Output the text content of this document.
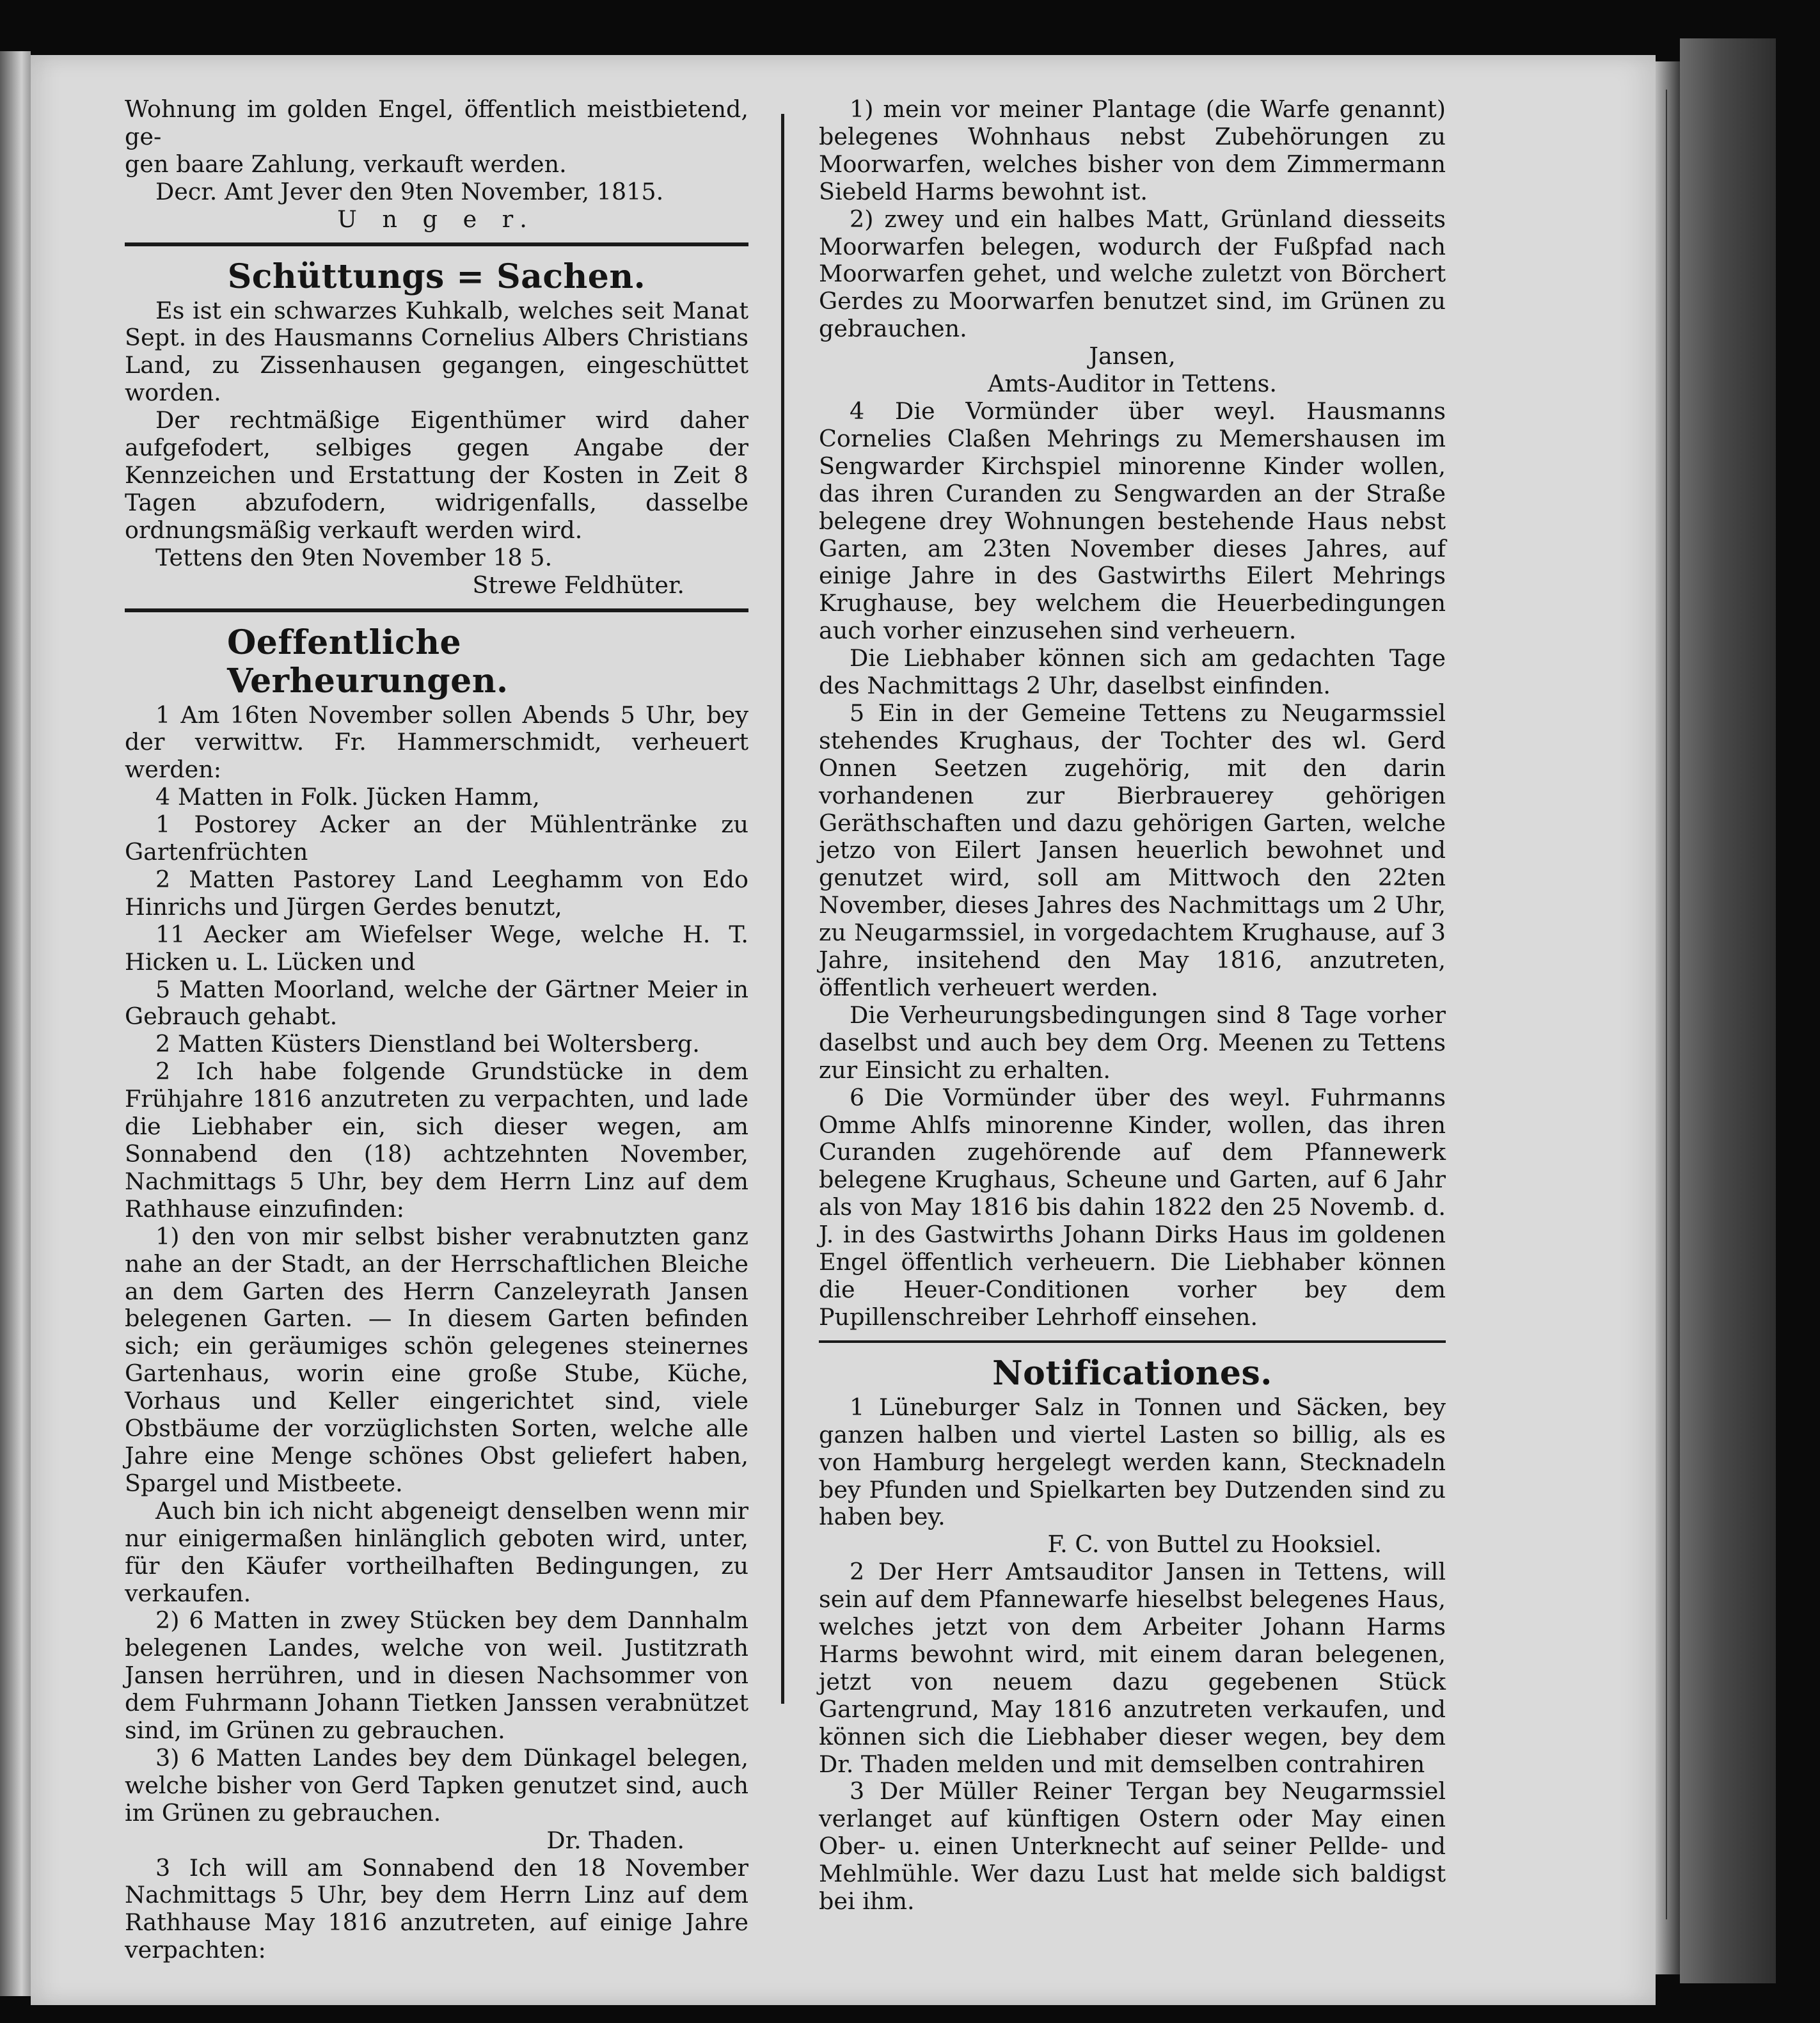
Wohnung im golden Engel, öffentlich meistbietend, ge-

gen baare Zahlung, verkauft werden.

Decr. Amt Jever den 9ten November, 1815.

U n g e r.

Schüttungs = Sachen.

Es ist ein schwarzes Kuhkalb, welches seit Manat Sept. in des Hausmanns Cornelius Albers Christians Land, zu Zissenhausen gegangen, eingeschüttet worden.

Der rechtmäßige Eigenthümer wird daher aufgefodert, selbiges gegen Angabe der Kennzeichen und Erstattung der Kosten in Zeit 8 Tagen abzufodern, widrigenfalls, dasselbe ordnungsmäßig verkauft werden wird.

Tettens den 9ten November 18 5.

Strewe Feldhüter.

Oeffentliche Verheurungen.

1 Am 16ten November sollen Abends 5 Uhr, bey der verwittw. Fr. Hammerschmidt, verheuert werden:

4 Matten in Folk. Jücken Hamm,

1 Postorey Acker an der Mühlentränke zu Gartenfrüchten

2 Matten Pastorey Land Leeghamm von Edo Hinrichs und Jürgen Gerdes benutzt,

11 Aecker am Wiefelser Wege, welche H. T. Hicken u. L. Lücken und

5 Matten Moorland, welche der Gärtner Meier in Gebrauch gehabt.

2 Matten Küsters Dienstland bei Woltersberg.

2 Ich habe folgende Grundstücke in dem Frühjahre 1816 anzutreten zu verpachten, und lade die Liebhaber ein, sich dieser wegen, am Sonnabend den (18) achtzehnten November, Nachmittags 5 Uhr, bey dem Herrn Linz auf dem Rathhause einzufinden:

1) den von mir selbst bisher verabnutzten ganz nahe an der Stadt, an der Herrschaftlichen Bleiche an dem Garten des Herrn Canzeleyrath Jansen belegenen Garten. — In diesem Garten befinden sich; ein geräumiges schön gelegenes steinernes Gartenhaus, worin eine große Stube, Küche, Vorhaus und Keller eingerichtet sind, viele Obstbäume der vorzüglichsten Sorten, welche alle Jahre eine Menge schönes Obst geliefert haben, Spargel und Mistbeete.

Auch bin ich nicht abgeneigt denselben wenn mir nur einigermaßen hinlänglich geboten wird, unter, für den Käufer vortheilhaften Bedingungen, zu verkaufen.

2) 6 Matten in zwey Stücken bey dem Dannhalm belegenen Landes, welche von weil. Justitzrath Jansen herrühren, und in diesen Nachsommer von dem Fuhrmann Johann Tietken Janssen verabnützet sind, im Grünen zu gebrauchen.

3) 6 Matten Landes bey dem Dünkagel belegen, welche bisher von Gerd Tapken genutzet sind, auch im Grünen zu gebrauchen.

Dr. Thaden.

3 Ich will am Sonnabend den 18 November Nachmittags 5 Uhr, bey dem Herrn Linz auf dem Rathhause May 1816 anzutreten, auf einige Jahre verpachten:

1) mein vor meiner Plantage (die Warfe genannt) belegenes Wohnhaus nebst Zubehörungen zu Moorwarfen, welches bisher von dem Zimmermann Siebeld Harms bewohnt ist.

2) zwey und ein halbes Matt, Grünland diesseits Moorwarfen belegen, wodurch der Fußpfad nach Moorwarfen gehet, und welche zuletzt von Börchert Gerdes zu Moorwarfen benutzet sind, im Grünen zu gebrauchen.

Jansen,

Amts-Auditor in Tettens.

4 Die Vormünder über weyl. Hausmanns Cornelies Claßen Mehrings zu Memershausen im Sengwarder Kirchspiel minorenne Kinder wollen, das ihren Curanden zu Sengwarden an der Straße belegene drey Wohnungen bestehende Haus nebst Garten, am 23ten November dieses Jahres, auf einige Jahre in des Gastwirths Eilert Mehrings Krughause, bey welchem die Heuerbedingungen auch vorher einzusehen sind verheuern.

Die Liebhaber können sich am gedachten Tage des Nachmittags 2 Uhr, daselbst einfinden.

5 Ein in der Gemeine Tettens zu Neugarmssiel stehendes Krughaus, der Tochter des wl. Gerd Onnen Seetzen zugehörig, mit den darin vorhandenen zur Bierbrauerey gehörigen Geräthschaften und dazu gehörigen Garten, welche jetzo von Eilert Jansen heuerlich bewohnet und genutzet wird, soll am Mittwoch den 22ten November, dieses Jahres des Nachmittags um 2 Uhr, zu Neugarmssiel, in vorgedachtem Krughause, auf 3 Jahre, insitehend den May 1816, anzutreten, öffentlich verheuert werden.

Die Verheurungsbedingungen sind 8 Tage vorher daselbst und auch bey dem Org. Meenen zu Tettens zur Einsicht zu erhalten.

6 Die Vormünder über des weyl. Fuhrmanns Omme Ahlfs minorenne Kinder, wollen, das ihren Curanden zugehörende auf dem Pfannewerk belegene Krughaus, Scheune und Garten, auf 6 Jahr als von May 1816 bis dahin 1822 den 25 Novemb. d. J. in des Gastwirths Johann Dirks Haus im goldenen Engel öffentlich verheuern. Die Liebhaber können die Heuer-Conditionen vorher bey dem Pupillenschreiber Lehrhoff einsehen.

Notificationes.

1 Lüneburger Salz in Tonnen und Säcken, bey ganzen halben und viertel Lasten so billig, als es von Hamburg hergelegt werden kann, Stecknadeln bey Pfunden und Spielkarten bey Dutzenden sind zu haben bey.

F. C. von Buttel zu Hooksiel.

2 Der Herr Amtsauditor Jansen in Tettens, will sein auf dem Pfannewarfe hieselbst belegenes Haus, welches jetzt von dem Arbeiter Johann Harms Harms bewohnt wird, mit einem daran belegenen, jetzt von neuem dazu gegebenen Stück Gartengrund, May 1816 anzutreten verkaufen, und können sich die Liebhaber dieser wegen, bey dem Dr. Thaden melden und mit demselben contrahiren

3 Der Müller Reiner Tergan bey Neugarmssiel verlanget auf künftigen Ostern oder May einen Ober- u. einen Unterknecht auf seiner Pellde- und Mehlmühle. Wer dazu Lust hat melde sich baldigst bei ihm.
